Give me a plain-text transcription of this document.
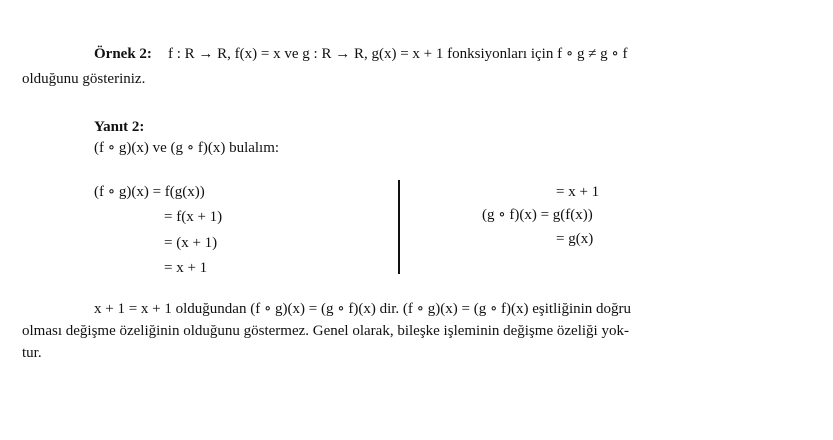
Örnek 2: f : R → R, f(x) = x ve g : R → R, g(x) = x + 1 fonksiyonları için f ∘ g ≠ g ∘ f
olduğunu gösteriniz.
Yanıt 2:
(f ∘ g)(x) ve (g ∘ f)(x) bulalım:
(f ∘ g)(x) = f(g(x))
= f(x + 1)
= (x + 1)
= x + 1
= x + 1
(g ∘ f)(x) = g(f(x))
= g(x)
x + 1 = x + 1 olduğundan (f ∘ g)(x) = (g ∘ f)(x) dir. (f ∘ g)(x) = (g ∘ f)(x) eşitliğinin doğru
olması değişme özeliğinin olduğunu göstermez. Genel olarak, bileşke işleminin değişme özeliği yok-
tur.
